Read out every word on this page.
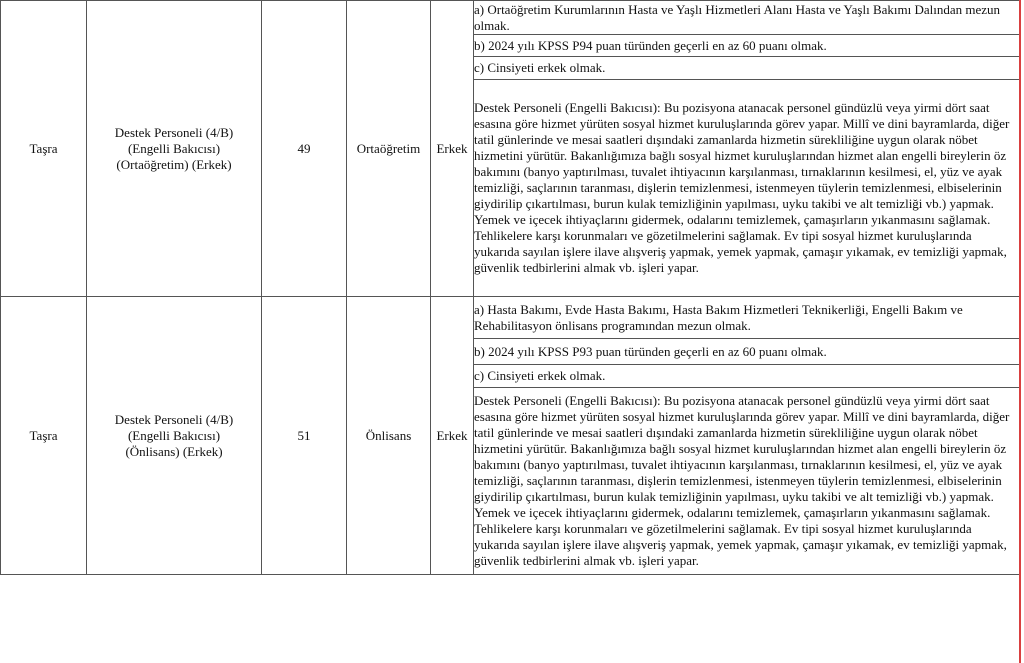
Taşra	Destek Personeli (4/B) (Engelli Bakıcısı) (Ortaöğretim) (Erkek)	49	Ortaöğretim	Erkek	a) Ortaöğretim Kurumlarının Hasta ve Yaşlı Hizmetleri Alanı Hasta ve Yaşlı Bakımı Dalından mezun olmak.
					b) 2024 yılı KPSS P94 puan türünden geçerli en az 60 puanı olmak.
					c) Cinsiyeti erkek olmak.
					Destek Personeli (Engelli Bakıcısı): Bu pozisyona atanacak personel gündüzlü veya yirmi dört saat esasına göre hizmet yürüten sosyal hizmet kuruluşlarında görev yapar. Millî ve dini bayramlarda, diğer tatil günlerinde ve mesai saatleri dışındaki zamanlarda hizmetin sürekliliğine uygun olarak nöbet hizmetini yürütür. Bakanlığımıza bağlı sosyal hizmet kuruluşlarından hizmet alan engelli bireylerin öz bakımını (banyo yaptırılması, tuvalet ihtiyacının karşılanması, tırnaklarının kesilmesi, el, yüz ve ayak temizliği, saçlarının taranması, dişlerin temizlenmesi, istenmeyen tüylerin temizlenmesi, elbiselerinin giydirilip çıkartılması, burun kulak temizliğinin yapılması, uyku takibi ve alt temizliği vb.) yapmak. Yemek ve içecek ihtiyaçlarını gidermek, odalarını temizlemek, çamaşırların yıkanmasını sağlamak. Tehlikelere karşı korunmaları ve gözetilmelerini sağlamak. Ev tipi sosyal hizmet kuruluşlarında yukarıda sayılan işlere ilave alışveriş yapmak, yemek yapmak, çamaşır yıkamak, ev temizliği yapmak, güvenlik tedbirlerini almak vb. işleri yapar.
Taşra	Destek Personeli (4/B) (Engelli Bakıcısı) (Önlisans) (Erkek)	51	Önlisans	Erkek	a) Hasta Bakımı, Evde Hasta Bakımı, Hasta Bakım Hizmetleri Teknikerliği, Engelli Bakım ve Rehabilitasyon önlisans programından mezun olmak.
					b) 2024 yılı KPSS P93 puan türünden geçerli en az 60 puanı olmak.
					c) Cinsiyeti erkek olmak.
					Destek Personeli (Engelli Bakıcısı): Bu pozisyona atanacak personel gündüzlü veya yirmi dört saat esasına göre hizmet yürüten sosyal hizmet kuruluşlarında görev yapar. Millî ve dini bayramlarda, diğer tatil günlerinde ve mesai saatleri dışındaki zamanlarda hizmetin sürekliliğine uygun olarak nöbet hizmetini yürütür. Bakanlığımıza bağlı sosyal hizmet kuruluşlarından hizmet alan engelli bireylerin öz bakımını (banyo yaptırılması, tuvalet ihtiyacının karşılanması, tırnaklarının kesilmesi, el, yüz ve ayak temizliği, saçlarının taranması, dişlerin temizlenmesi, istenmeyen tüylerin temizlenmesi, elbiselerinin giydirilip çıkartılması, burun kulak temizliğinin yapılması, uyku takibi ve alt temizliği vb.) yapmak. Yemek ve içecek ihtiyaçlarını gidermek, odalarını temizlemek, çamaşırların yıkanmasını sağlamak. Tehlikelere karşı korunmaları ve gözetilmelerini sağlamak. Ev tipi sosyal hizmet kuruluşlarında yukarıda sayılan işlere ilave alışveriş yapmak, yemek yapmak, çamaşır yıkamak, ev temizliği yapmak, güvenlik tedbirlerini almak vb. işleri yapar.
